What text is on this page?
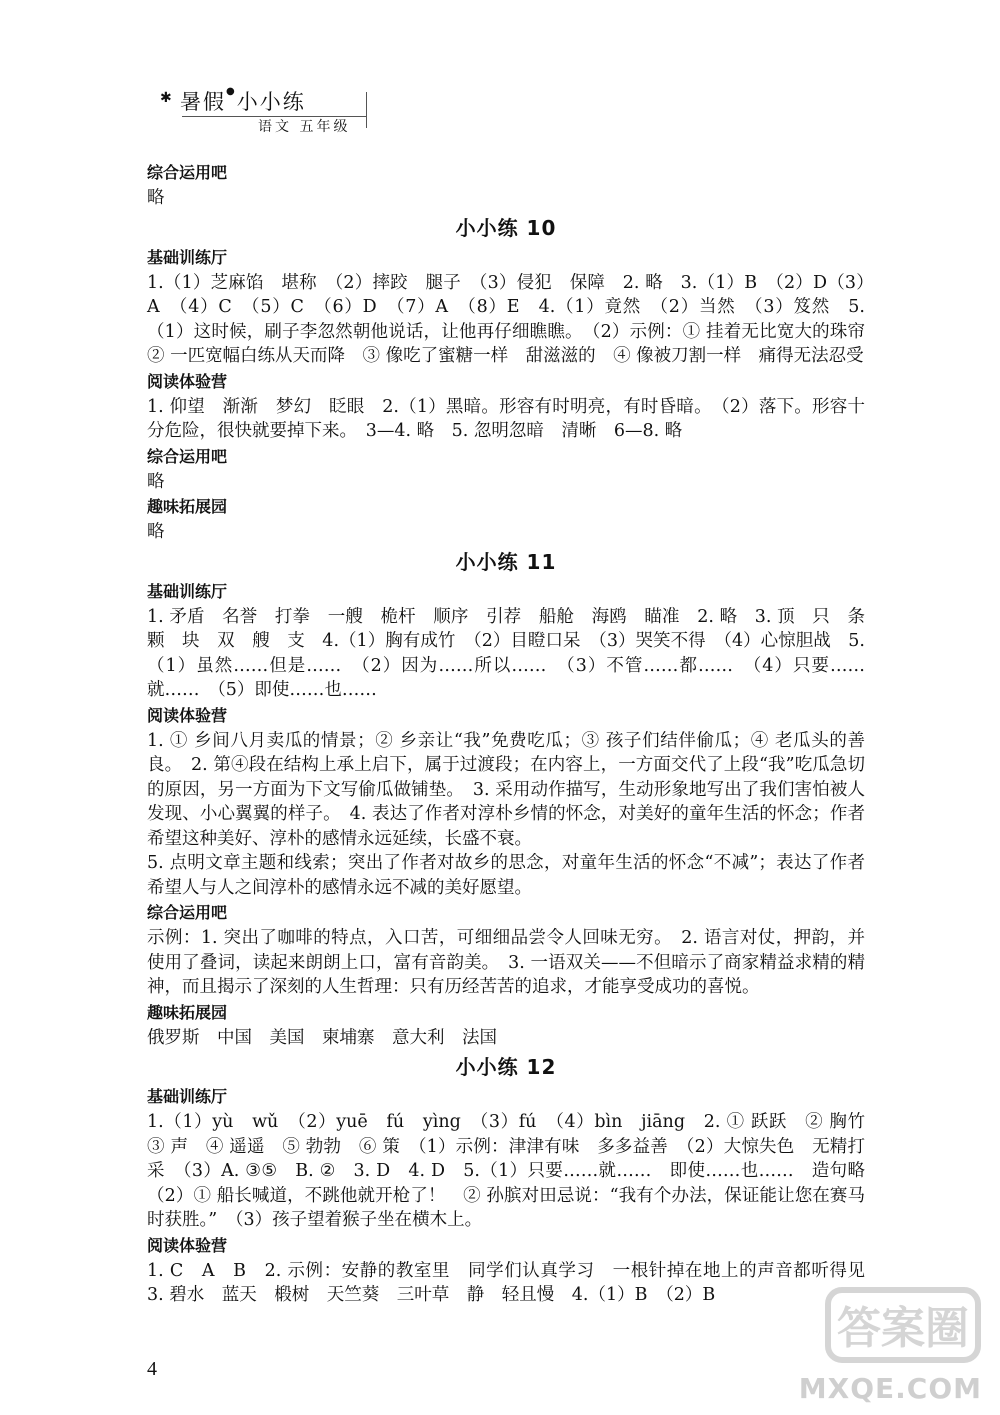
✱ 暑假●小小练
语文 五年级
综合运用吧
略
小小练 10
基础训练厅
1.（1）芝麻馅　堪称　（2）摔跤　腿子　（3）侵犯　保障　2. 略　3.（1）B　（2）D（3）A　（4）C　（5）C　（6）D　（7）A　（8）E　4.（1）竟然　（2）当然　（3）笈然　5.（1）这时候，刷子李忽然朝他说话，让他再仔细瞧瞧。　（2）示例：① 挂着无比宽大的珠帘　② 一匹宽幅白练从天而降　③ 像吃了蜜糖一样　甜滋滋的　④ 像被刀割一样　痛得无法忍受
阅读体验营
1. 仰望　渐渐　梦幻　眨眼　2.（1）黑暗。形容有时明亮，有时昏暗。　（2）落下。形容十分危险，很快就要掉下来。　3—4. 略　5. 忽明忽暗　清晰　6—8. 略
综合运用吧
略
趣味拓展园
略
小小练 11
基础训练厅
1. 矛盾　名誉　打拳　一艘　桅杆　顺序　引荐　船舱　海鸥　瞄准　2. 略　3. 顶　只　条　颗　块　双　艘　支　4.（1）胸有成竹　（2）目瞪口呆　（3）哭笑不得　（4）心惊胆战　5.（1）虽然……但是……　（2）因为……所以……　（3）不管……都……　（4）只要……就……　（5）即使……也……
阅读体验营
1. ① 乡间八月卖瓜的情景；② 乡亲让“我”免费吃瓜；③ 孩子们结伴偷瓜；④ 老瓜头的善良。　2. 第④段在结构上承上启下，属于过渡段；在内容上，一方面交代了上段“我”吃瓜急切的原因，另一方面为下文写偷瓜做铺垫。　3. 采用动作描写，生动形象地写出了我们害怕被人发现、小心翼翼的样子。　4. 表达了作者对淳朴乡情的怀念，对美好的童年生活的怀念；作者希望这种美好、淳朴的感情永远延续，长盛不衰。
5. 点明文章主题和线索；突出了作者对故乡的思念，对童年生活的怀念“不减”；表达了作者希望人与人之间淳朴的感情永远不减的美好愿望。
综合运用吧
示例：1. 突出了咖啡的特点，入口苦，可细细品尝令人回味无穷。　2. 语言对仗，押韵，并使用了叠词，读起来朗朗上口，富有音韵美。　3. 一语双关——不但暗示了商家精益求精的精神，而且揭示了深刻的人生哲理：只有历经苦苦的追求，才能享受成功的喜悦。
趣味拓展园
俄罗斯　中国　美国　柬埔寨　意大利　法国
小小练 12
基础训练厅
1.（1）yù　wǔ　（2）yuē　fú　yìng　（3）fú　（4）bìn　jiāng　2. ① 跃跃　② 胸竹　③ 声　④ 遥遥　⑤ 勃勃　⑥ 策　（1）示例：津津有味　多多益善　（2）大惊失色　无精打采　（3）A. ③⑤　B. ②　3. D　4. D　5.（1）只要……就……　即使……也……　造句略　（2）① 船长喊道，不跳他就开枪了！　② 孙膑对田忌说：“我有个办法，保证能让您在赛马时获胜。”　（3）孩子望着猴子坐在横木上。
阅读体验营
1. C　A　B　2. 示例：安静的教室里　同学们认真学习　一根针掉在地上的声音都听得见　3. 碧水　蓝天　椴树　天竺葵　三叶草　静　轻且慢　4.（1）B　（2）B
4
答案圈
MXQE.COM
